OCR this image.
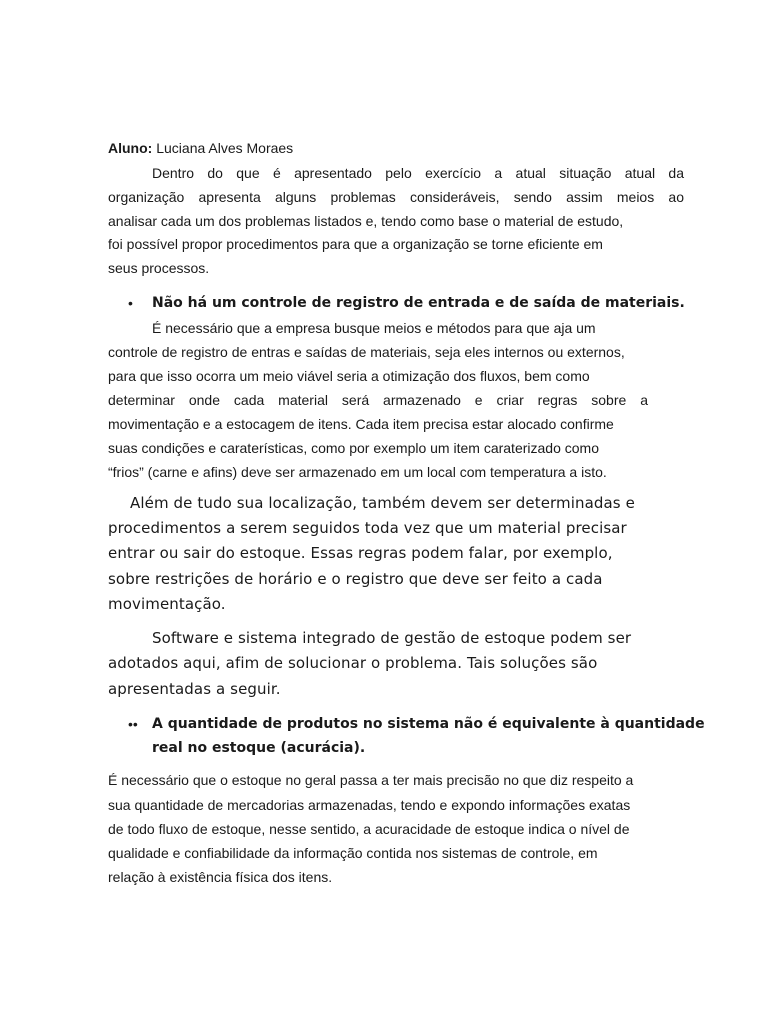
Aluno: Luciana Alves Moraes
Dentro do que é apresentado pelo exercício a atual situação atual da
organização apresenta alguns problemas consideráveis, sendo assim meios ao
analisar cada um dos problemas listados e, tendo como base o material de estudo,
foi possível propor procedimentos para que a organização se torne eficiente em
seus processos.
• Não há um controle de registro de entrada e de saída de materiais.
É necessário que a empresa busque meios e métodos para que aja um
controle de registro de entras e saídas de materiais, seja eles internos ou externos,
para que isso ocorra um meio viável seria a otimização dos fluxos, bem como
determinar onde cada material será armazenado e criar regras sobre a
movimentação e a estocagem de itens. Cada item precisa estar alocado confirme
suas condições e caraterísticas, como por exemplo um item caraterizado como
“frios” (carne e afins) deve ser armazenado em um local com temperatura a isto.
Além de tudo sua localização, também devem ser determinadas e
procedimentos a serem seguidos toda vez que um material precisar
entrar ou sair do estoque. Essas regras podem falar, por exemplo,
sobre restrições de horário e o registro que deve ser feito a cada
movimentação.
Software e sistema integrado de gestão de estoque podem ser
adotados aqui, afim de solucionar o problema. Tais soluções são
apresentadas a seguir.
•• A quantidade de produtos no sistema não é equivalente à quantidade
real no estoque (acurácia).
É necessário que o estoque no geral passa a ter mais precisão no que diz respeito a
sua quantidade de mercadorias armazenadas, tendo e expondo informações exatas
de todo fluxo de estoque, nesse sentido, a acuracidade de estoque indica o nível de
qualidade e confiabilidade da informação contida nos sistemas de controle, em
relação à existência física dos itens.
